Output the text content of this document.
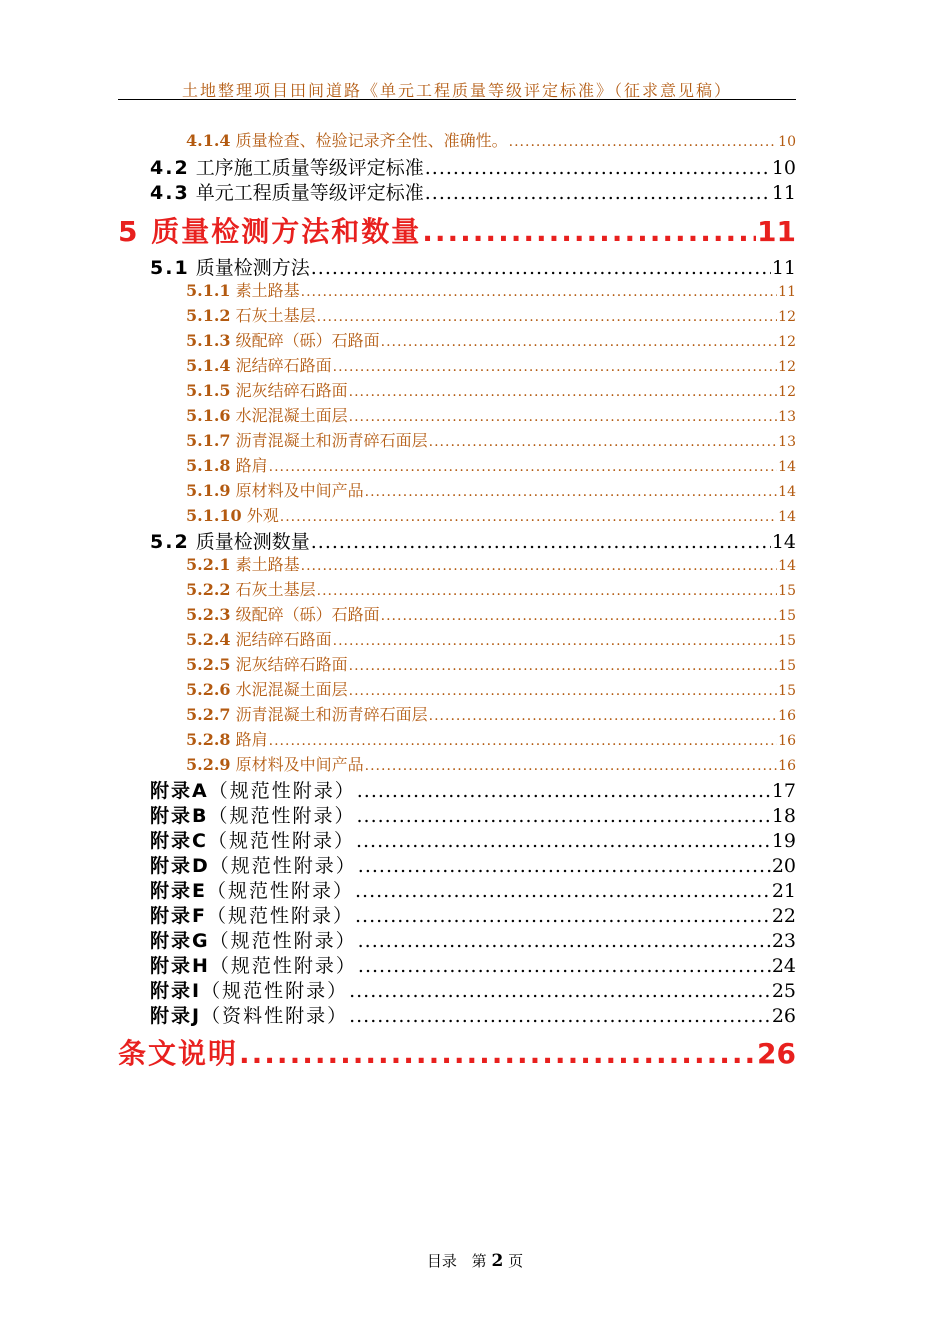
土地整理项目田间道路《单元工程质量等级评定标准》（征求意见稿）
4.1.4 质量检查、检验记录齐全性、准确性。 .....	10
4.2 工序施工质量等级评定标准 .....	10
4.3 单元工程质量等级评定标准 .....	11
5 质量检测方法和数量 .....	11
5.1 质量检测方法 .....	11
5.1.1 素土路基 .....	11
5.1.2 石灰土基层 .....	12
5.1.3 级配碎（砾）石路面 .....	12
5.1.4 泥结碎石路面 .....	12
5.1.5 泥灰结碎石路面 .....	12
5.1.6 水泥混凝土面层 .....	13
5.1.7 沥青混凝土和沥青碎石面层 .....	13
5.1.8 路肩 .....	14
5.1.9 原材料及中间产品 .....	14
5.1.10 外观 .....	14
5.2 质量检测数量 .....	14
5.2.1 素土路基 .....	14
5.2.2 石灰土基层 .....	15
5.2.3 级配碎（砾）石路面 .....	15
5.2.4 泥结碎石路面 .....	15
5.2.5 泥灰结碎石路面 .....	15
5.2.6 水泥混凝土面层 .....	15
5.2.7 沥青混凝土和沥青碎石面层 .....	16
5.2.8 路肩 .....	16
5.2.9 原材料及中间产品 .....	16
附录A（规范性附录） .....	17
附录B（规范性附录） .....	18
附录C（规范性附录） .....	19
附录D（规范性附录） .....	20
附录E（规范性附录） .....	21
附录F（规范性附录） .....	22
附录G（规范性附录） .....	23
附录H（规范性附录） .....	24
附录I（规范性附录） .....	25
附录J（资料性附录） .....	26
条文说明 .....	26
目录 第 2 页
